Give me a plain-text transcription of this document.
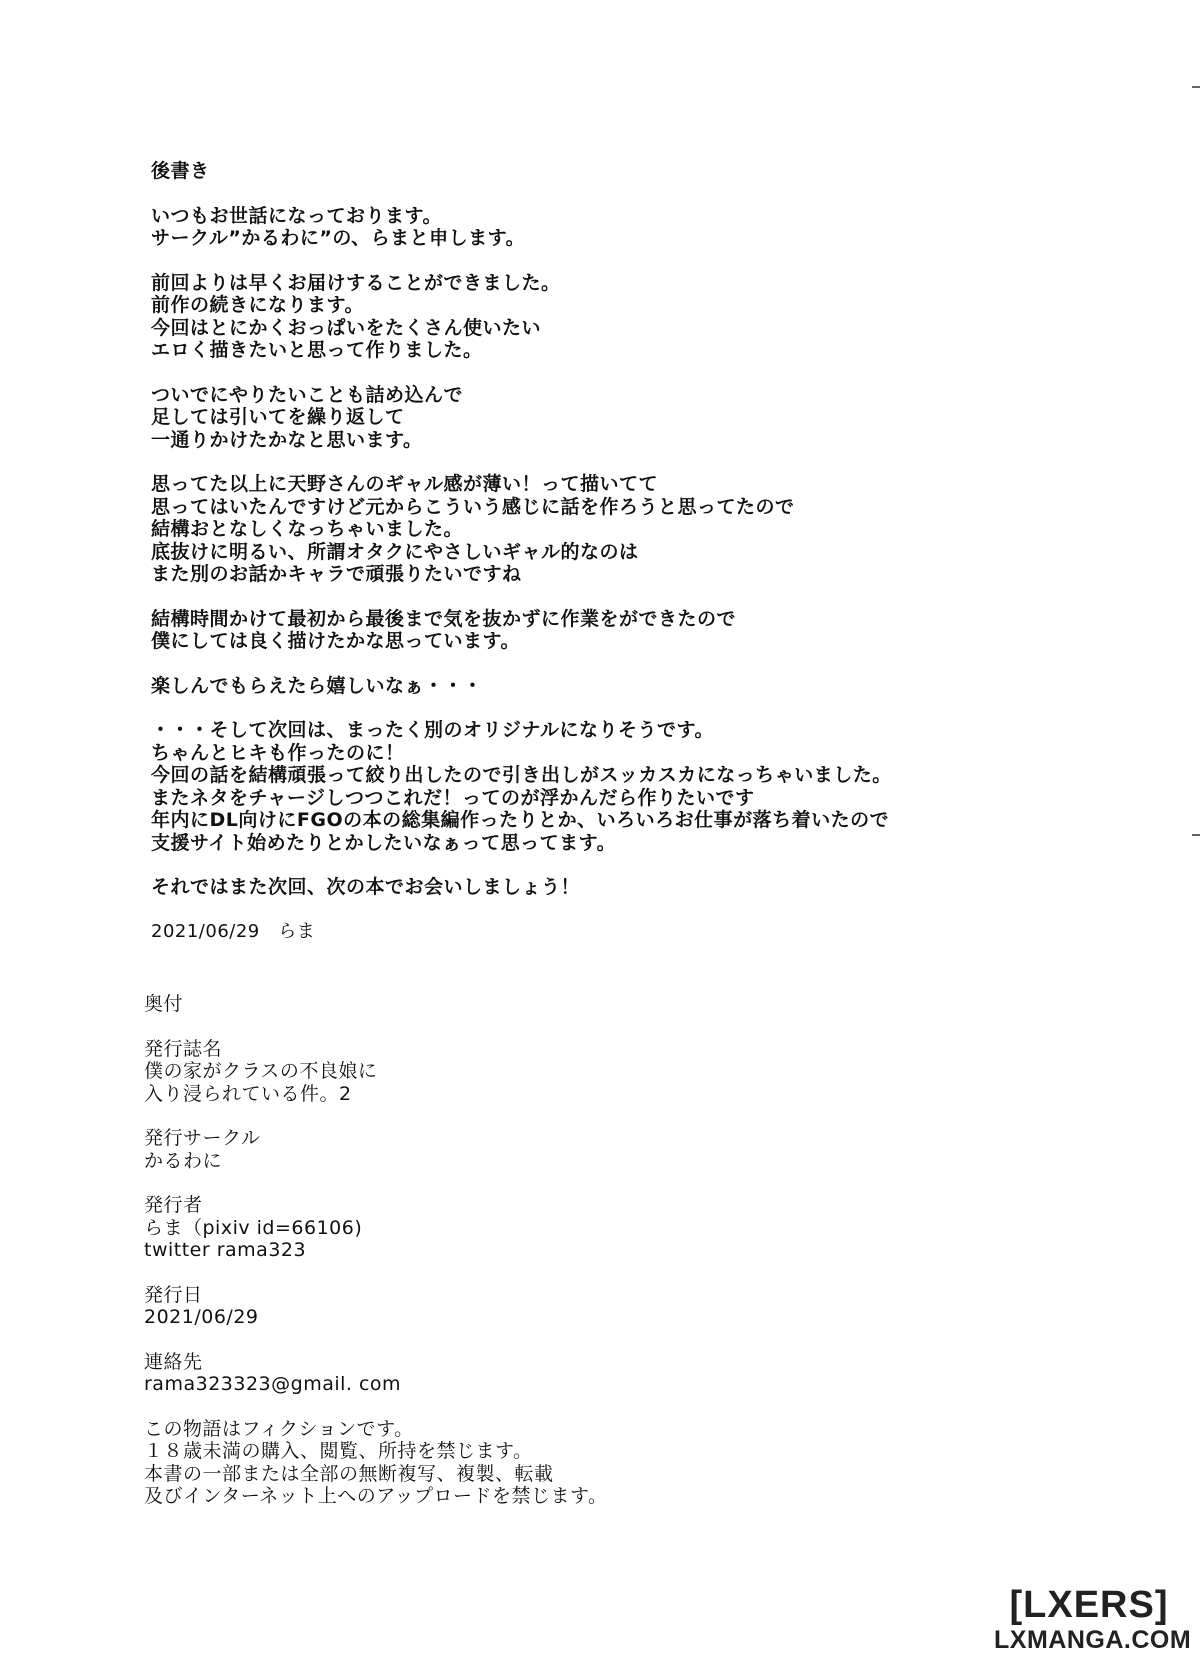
後書き
いつもお世話になっております。
サークル”かるわに”の、らまと申します。
前回よりは早くお届けすることができました。
前作の続きになります。
今回はとにかくおっぱいをたくさん使いたい
エロく描きたいと思って作りました。
ついでにやりたいことも詰め込んで
足しては引いてを繰り返して
一通りかけたかなと思います。
思ってた以上に天野さんのギャル感が薄い！って描いてて
思ってはいたんですけど元からこういう感じに話を作ろうと思ってたので
結構おとなしくなっちゃいました。
底抜けに明るい、所謂オタクにやさしいギャル的なのは
また別のお話かキャラで頑張りたいですね
結構時間かけて最初から最後まで気を抜かずに作業をができたので
僕にしては良く描けたかな思っています。
楽しんでもらえたら嬉しいなぁ・・・
・・・そして次回は、まったく別のオリジナルになりそうです。
ちゃんとヒキも作ったのに！
今回の話を結構頑張って絞り出したので引き出しがスッカスカになっちゃいました。
またネタをチャージしつつこれだ！ってのが浮かんだら作りたいです
年内にDL向けにFGOの本の総集編作ったりとか、いろいろお仕事が落ち着いたので
支援サイト始めたりとかしたいなぁって思ってます。
それではまた次回、次の本でお会いしましょう！
2021/06/29　らま
奥付
発行誌名
僕の家がクラスの不良娘に
入り浸られている件。2
発行サークル
かるわに
発行者
らま（pixiv id=66106)
twitter rama323
発行日
2021/06/29
連絡先
rama323323@gmail. com
この物語はフィクションです。
１８歳未満の購入、閲覧、所持を禁じます。
本書の一部または全部の無断複写、複製、転載
及びインターネット上へのアップロードを禁じます。
[LXERS]
LXMANGA.COM
